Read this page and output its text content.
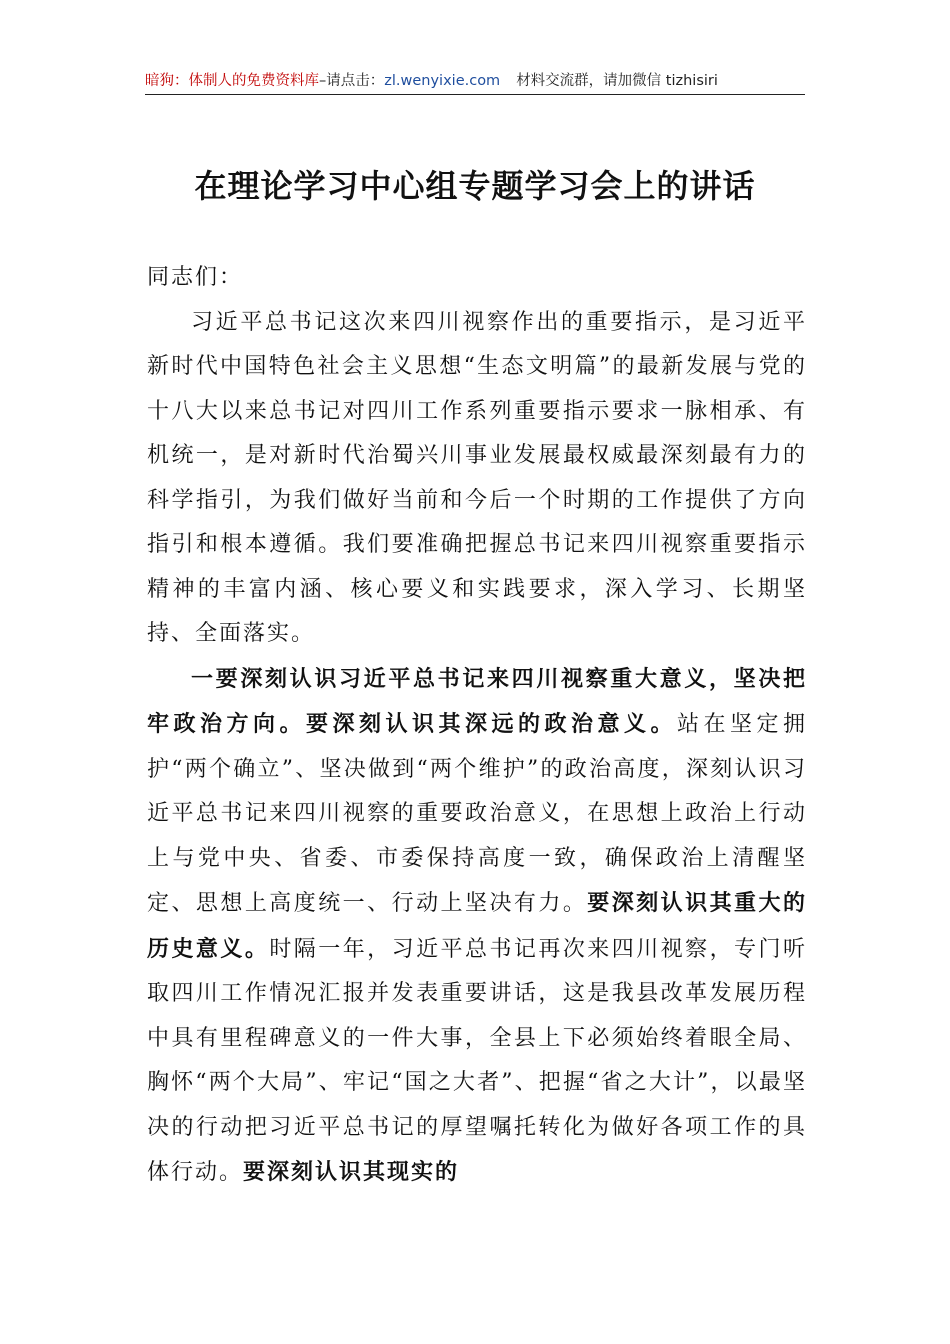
暗狗：体制人的免费资料库–请点击：zl.wenyixie.com 材料交流群，请加微信 tizhisiri
在理论学习中心组专题学习会上的讲话

同志们：

习近平总书记这次来四川视察作出的重要指示，是习近平新时代中国特色社会主义思想“生态文明篇”的最新发展与党的十八大以来总书记对四川工作系列重要指示要求一脉相承、有机统一，是对新时代治蜀兴川事业发展最权威最深刻最有力的科学指引，为我们做好当前和今后一个时期的工作提供了方向指引和根本遵循。我们要准确把握总书记来四川视察重要指示精神的丰富内涵、核心要义和实践要求，深入学习、长期坚持、全面落实。

一要深刻认识习近平总书记来四川视察重大意义，坚决把牢政治方向。要深刻认识其深远的政治意义。站在坚定拥护“两个确立”、坚决做到“两个维护”的政治高度，深刻认识习近平总书记来四川视察的重要政治意义，在思想上政治上行动上与党中央、省委、市委保持高度一致，确保政治上清醒坚定、思想上高度统一、行动上坚决有力。要深刻认识其重大的历史意义。时隔一年，习近平总书记再次来四川视察，专门听取四川工作情况汇报并发表重要讲话，这是我县改革发展历程中具有里程碑意义的一件大事，全县上下必须始终着眼全局、胸怀“两个大局”、牢记“国之大者”、把握“省之大计”，以最坚决的行动把习近平总书记的厚望嘱托转化为做好各项工作的具体行动。要深刻认识其现实的
